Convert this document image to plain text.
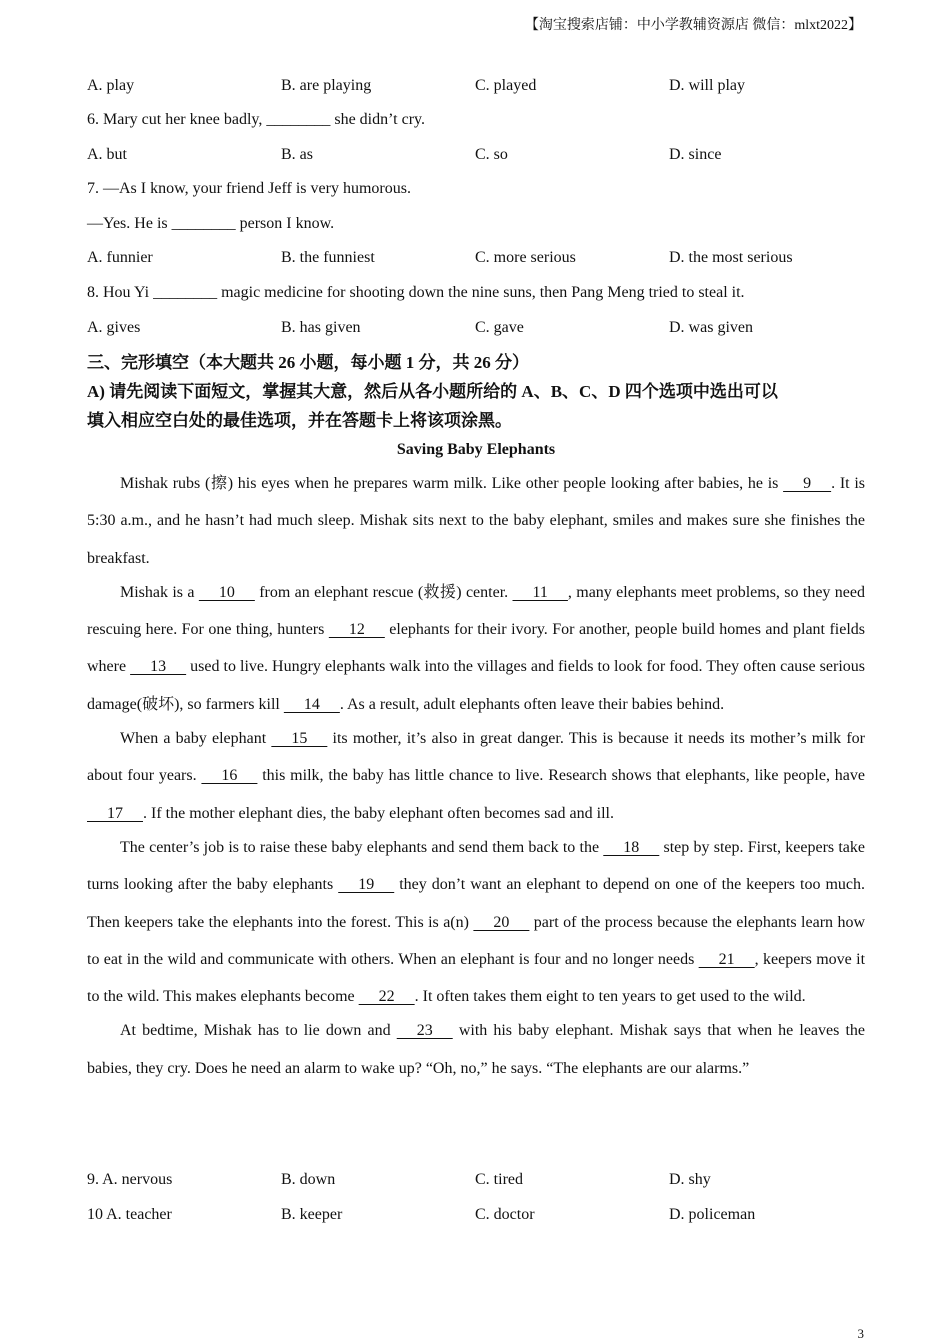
【淘宝搜索店铺：中小学教辅资源店 微信：mlxt2022】
A. play	B. are playing	C. played	D. will play
6. Mary cut her knee badly, ________ she didn’t cry.
A. but	B. as	C. so	D. since
7. —As I know, your friend Jeff is very humorous.
—Yes. He is ________ person I know.
A. funnier	B. the funniest	C. more serious	D. the most serious
8. Hou Yi ________ magic medicine for shooting down the nine suns, then Pang Meng tried to steal it.
A. gives	B. has given	C. gave	D. was given
三、完形填空（本大题共 26 小题，每小题 1 分，共 26 分）
A) 请先阅读下面短文，掌握其大意，然后从各小题所给的 A、B、C、D 四个选项中选出可以
填入相应空白处的最佳选项，并在答题卡上将该项涂黑。
Saving Baby Elephants

Mishak rubs (擦) his eyes when he prepares warm milk. Like other people looking after babies, he is      9     . It is 5:30 a.m., and he hasn’t had much sleep. Mishak sits next to the baby elephant, smiles and makes sure she finishes the breakfast.

Mishak is a      10      from an elephant rescue (救援) center.      11     , many elephants meet problems, so they need rescuing here. For one thing, hunters      12      elephants for their ivory. For another, people build homes and plant fields where      13      used to live. Hungry elephants walk into the villages and fields to look for food. They often cause serious damage(破坏), so farmers kill      14     . As a result, adult elephants often leave their babies behind.

When a baby elephant      15      its mother, it’s also in great danger. This is because it needs its mother’s milk for about four years.      16      this milk, the baby has little chance to live. Research shows that elephants, like people, have      17     . If the mother elephant dies, the baby elephant often becomes sad and ill.

The center’s job is to raise these baby elephants and send them back to the      18      step by step. First, keepers take turns looking after the baby elephants      19      they don’t want an elephant to depend on one of the keepers too much. Then keepers take the elephants into the forest. This is a(n)      20      part of the process because the elephants learn how to eat in the wild and communicate with others. When an elephant is four and no longer needs      21     , keepers move it to the wild. This makes elephants become      22     . It often takes them eight to ten years to get used to the wild.

At bedtime, Mishak has to lie down and      23      with his baby elephant. Mishak says that when he leaves the babies, they cry. Does he need an alarm to wake up? “Oh, no,” he says. “The elephants are our alarms.”

9. A. nervous	B. down	C. tired	D. shy
10 A. teacher	B. keeper	C. doctor	D. policeman
3
